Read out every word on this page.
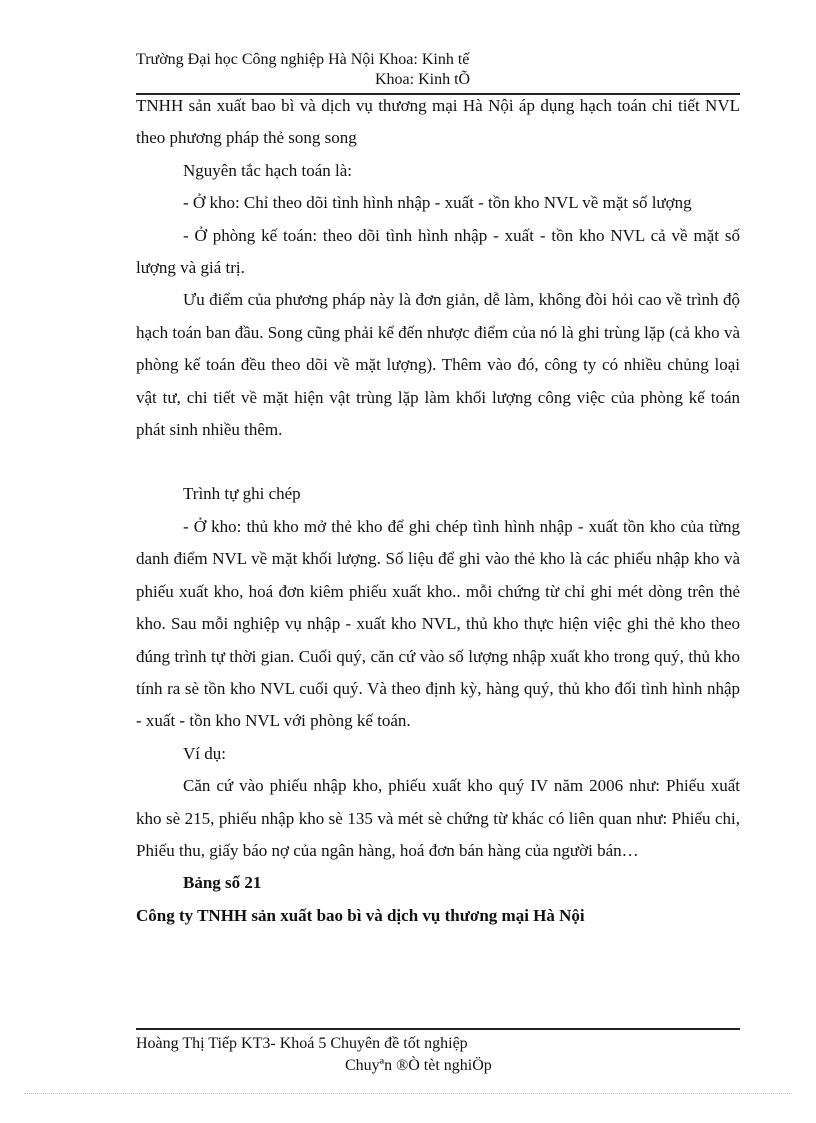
Trường Đại học Công nghiệp Hà Nội Khoa: Kinh tế
Khoa: Kinh tÕ

TNHH sản xuất bao bì và dịch vụ thương mại Hà Nội áp dụng hạch toán chi tiết NVL theo phương pháp thẻ song song

Nguyên tắc hạch toán là:

- Ở kho: Chỉ theo dõi tình hình nhập - xuất - tồn kho NVL về mặt số lượng

- Ở phòng kế toán: theo dõi tình hình nhập - xuất - tồn kho NVL cả về mặt số lượng và giá trị.

Ưu điểm của phương pháp này là đơn giản, dễ làm, không đòi hỏi cao về trình độ hạch toán ban đầu. Song cũng phải kể đến nhược điểm của nó là ghi trùng lặp (cả kho và phòng kế toán đều theo dõi về mặt lượng). Thêm vào đó, công ty có nhiều chủng loại vật tư, chi tiết về mặt hiện vật trùng lặp làm khối lượng công việc của phòng kế toán phát sinh nhiều thêm.

Trình tự ghi chép

- Ở kho: thủ kho mở thẻ kho để ghi chép tình hình nhập - xuất tồn kho của từng danh điểm NVL về mặt khối lượng. Số liệu để ghi vào thẻ kho là các phiếu nhập kho và phiếu xuất kho, hoá đơn kiêm phiếu xuất kho.. mỗi chứng từ chỉ ghi mét dòng trên thẻ kho. Sau mỗi nghiệp vụ nhập - xuất kho NVL, thủ kho thực hiện việc ghi thẻ kho theo đúng trình tự thời gian. Cuối quý, căn cứ vào số lượng nhập xuất kho trong quý, thủ kho tính ra sè tồn kho NVL cuối quý. Và theo định kỳ, hàng quý, thủ kho đối tình hình nhập - xuất - tồn kho NVL với phòng kế toán.

Ví dụ:

Căn cứ vào phiếu nhập kho, phiếu xuất kho quý IV năm 2006 như: Phiếu xuất kho sè 215, phiếu nhập kho sè 135 và mét sè chứng từ khác có liên quan như: Phiếu chi, Phiếu thu, giấy báo nợ của ngân hàng, hoá đơn bán hàng của người bán…

Bảng số 21

Công ty TNHH sản xuất bao bì và dịch vụ thương mại Hà Nội

Hoàng Thị Tiếp KT3- Khoá 5 Chuyên đề tốt nghiệp
Chuyªn ®Ò tèt nghiÖp
